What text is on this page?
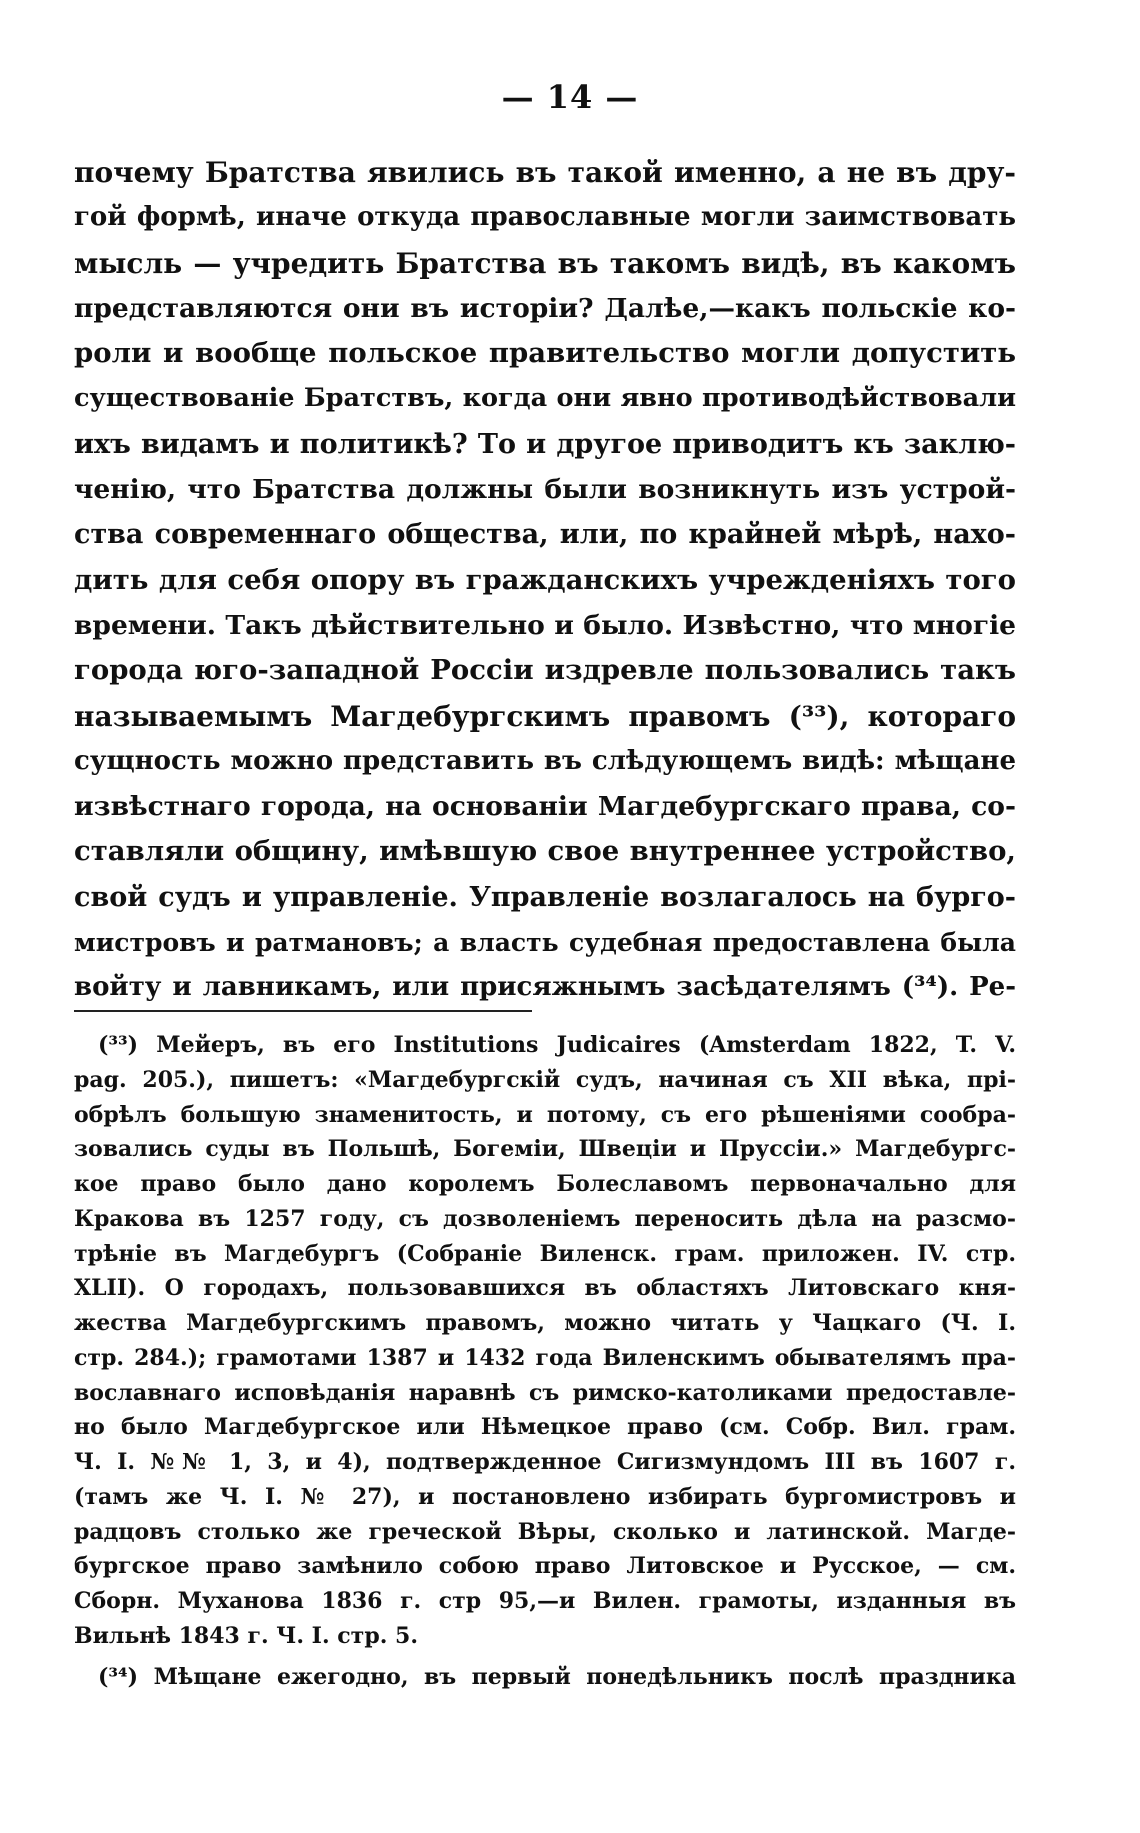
— 14 —
почему Братства явились въ такой именно, а не въ дру-
гой формѣ, иначе откуда православные могли заимствовать
мысль — учредить Братства въ такомъ видѣ, въ какомъ
представляются они въ исторіи? Далѣе,—какъ польскіе ко-
роли и вообще польское правительство могли допустить
существованіе Братствъ, когда они явно противодѣйствовали
ихъ видамъ и политикѣ? То и другое приводитъ къ заклю-
ченію, что Братства должны были возникнуть изъ устрой-
ства современнаго общества, или, по крайней мѣрѣ, нахо-
дить для себя опору въ гражданскихъ учрежденіяхъ того
времени. Такъ дѣйствительно и было. Извѣстно, что многіе
города юго-западной Россіи издревле пользовались такъ
называемымъ Магдебургскимъ правомъ (³³), котораго
сущность можно представить въ слѣдующемъ видѣ: мѣщане
извѣстнаго города, на основаніи Магдебургскаго права, со-
ставляли общину, имѣвшую свое внутреннее устройство,
свой судъ и управленіе. Управленіе возлагалось на бурго-
мистровъ и ратмановъ; а власть судебная предоставлена была
войту и лавникамъ, или присяжнымъ засѣдателямъ (³⁴). Ре-
(³³) Мейеръ, въ его Institutions Judicaires (Amsterdam 1822, T. V.
pag. 205.), пишетъ: «Магдебургскій судъ, начиная съ XII вѣка, прі-
обрѣлъ большую знаменитость, и потому, съ его рѣшеніями сообра-
зовались суды въ Польшѣ, Богеміи, Швеціи и Пруссіи.» Магдебургс-
кое право было дано королемъ Болеславомъ первоначально для
Кракова въ 1257 году, съ дозволеніемъ переносить дѣла на разсмо-
трѣніе въ Магдебургъ (Собраніе Виленск. грам. приложен. IV. стр.
XLII). О городахъ, пользовавшихся въ областяхъ Литовскаго кня-
жества Магдебургскимъ правомъ, можно читать у Чацкаго (Ч. I.
стр. 284.); грамотами 1387 и 1432 года Виленскимъ обывателямъ пра-
вославнаго исповѣданія наравнѣ съ римско-католиками предоставле-
но было Магдебургское или Нѣмецкое право (см. Собр. Вил. грам.
Ч. I. №№ 1, 3, и 4), подтвержденное Сигизмундомъ III въ 1607 г.
(тамъ же Ч. I. № 27), и постановлено избирать бургомистровъ и
радцовъ столько же греческой Вѣры, сколько и латинской. Магде-
бургское право замѣнило собою право Литовское и Русское, — см.
Сборн. Муханова 1836 г. стр 95,—и Вилен. грамоты, изданныя въ
Вильнѣ 1843 г. Ч. I. стр. 5.
(³⁴) Мѣщане ежегодно, въ первый понедѣльникъ послѣ праздника
